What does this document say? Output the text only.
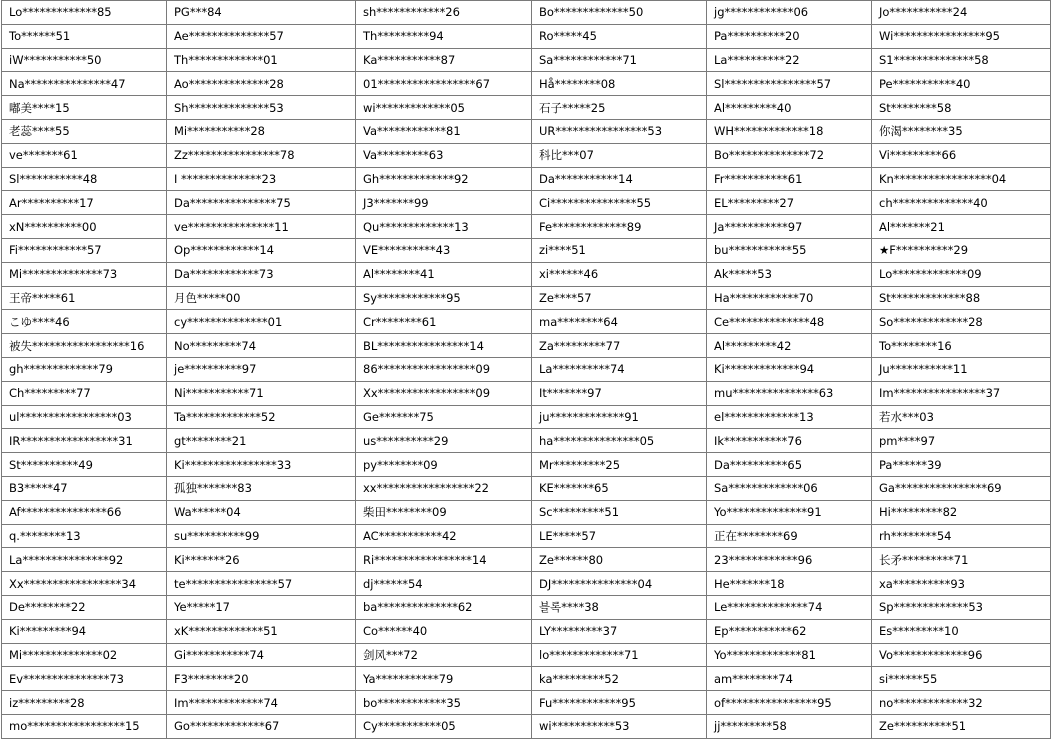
Lo*************85	PG***84	sh************26	Bo*************50	jg************06	Jo***********24
To******51	Ae**************57	Th*********94	Ro*****45	Pa**********20	Wi****************95
iW***********50	Th*************01	Ka***********87	Sa************71	La**********22	S1**************58
Na***************47	Ao**************28	01*****************67	Hå********08	Sl****************57	Pe***********40
嘟美****15	Sh**************53	wi*************05	石子*****25	Al*********40	St********58
老蕊****55	Mi***********28	Va************81	UR****************53	WH*************18	你渴********35
ve*******61	Zz****************78	Va*********63	科比***07	Bo**************72	Vi*********66
Sl***********48	I **************23	Gh*************92	Da***********14	Fr***********61	Kn*****************04
Ar**********17	Da***************75	J3*******99	Ci***************55	EL*********27	ch**************40
xN**********00	ve***************11	Qu*************13	Fe*************89	Ja***********97	Al*******21
Fi************57	Op************14	VE**********43	zi****51	bu***********55	★F**********29
Mi**************73	Da************73	Al********41	xi******46	Ak*****53	Lo*************09
王帝*****61	月色*****00	Sy************95	Ze****57	Ha************70	St*************88
こゆ****46	cy**************01	Cr********61	ma********64	Ce**************48	So*************28
被失*****************16	No*********74	BL****************14	Za*********77	Al*********42	To********16
gh*************79	je**********97	86*****************09	La**********74	Ki*************94	Ju***********11
Ch*********77	Ni***********71	Xx*****************09	It*******97	mu***************63	Im****************37
ul*****************03	Ta*************52	Ge*******75	ju*************91	el*************13	若水***03
IR*****************31	gt********21	us**********29	ha***************05	Ik***********76	pm****97
St**********49	Ki****************33	py********09	Mr*********25	Da**********65	Pa******39
B3*****47	孤独*******83	xx*****************22	KE*******65	Sa*************06	Ga****************69
Af***************66	Wa******04	柴田********09	Sc*********51	Yo**************91	Hi*********82
q.********13	su**********99	AC***********42	LE*****57	正在********69	rh********54
La***************92	Ki*******26	Ri*****************14	Ze******80	23************96	长矛*********71
Xx*****************34	te****************57	dj******54	DJ***************04	He*******18	xa**********93
De********22	Ye*****17	ba**************62	블록****38	Le**************74	Sp*************53
Ki*********94	xK*************51	Co******40	LY*********37	Ep***********62	Es*********10
Mi**************02	Gi***********74	剑风***72	lo*************71	Yo*************81	Vo*************96
Ev***************73	F3********20	Ya***********79	ka*********52	am********74	si******55
iz*********28	Im*************74	bo************35	Fu************95	of****************95	no*************32
mo*****************15	Go*************67	Cy***********05	wi***********53	jj*********58	Ze**********51
